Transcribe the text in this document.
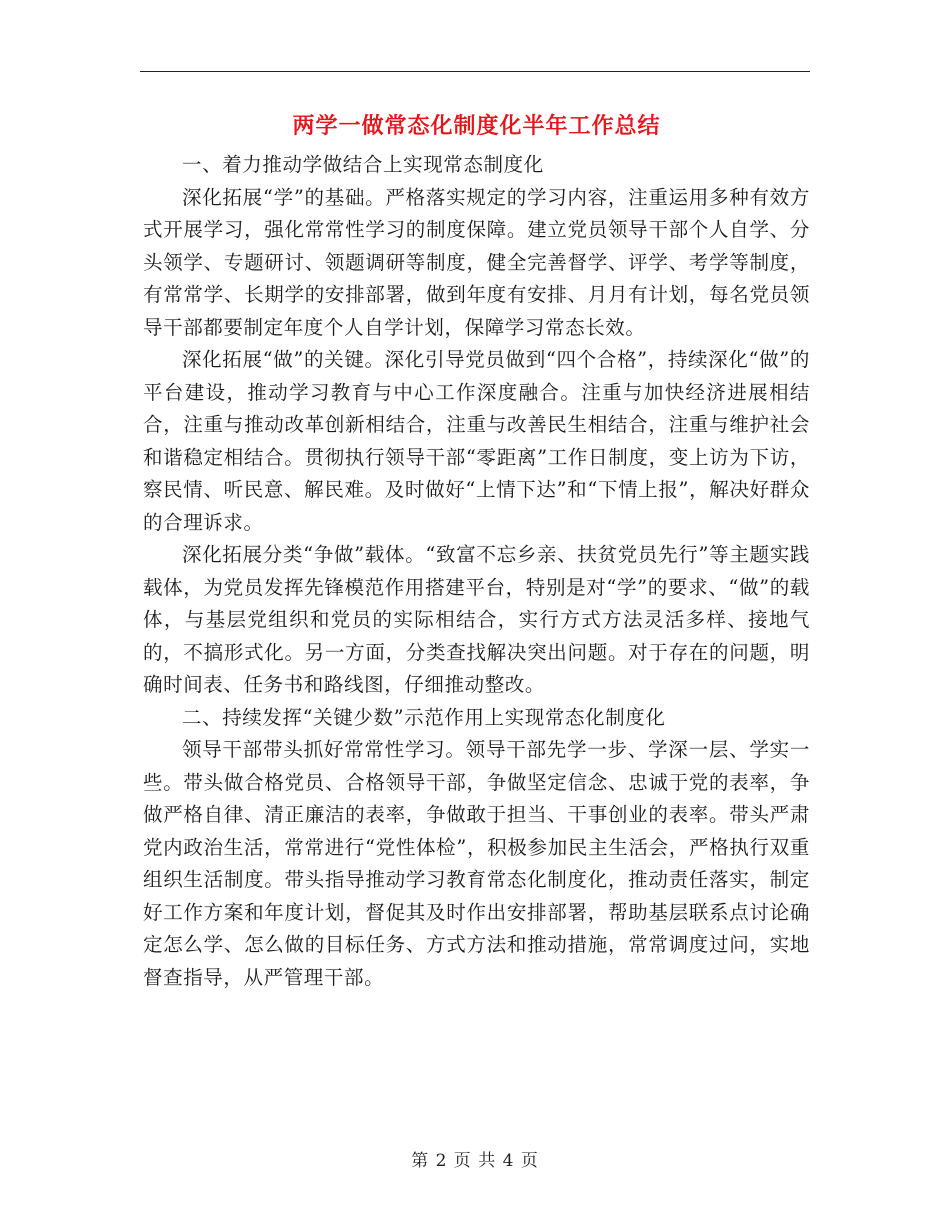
两学一做常态化制度化半年工作总结

一、着力推动学做结合上实现常态制度化

深化拓展“学”的基础。严格落实规定的学习内容，注重运用多种有效方式开展学习，强化常常性学习的制度保障。建立党员领导干部个人自学、分头领学、专题研讨、领题调研等制度，健全完善督学、评学、考学等制度，有常常学、长期学的安排部署，做到年度有安排、月月有计划，每名党员领导干部都要制定年度个人自学计划，保障学习常态长效。

深化拓展“做”的关键。深化引导党员做到“四个合格”，持续深化“做”的平台建设，推动学习教育与中心工作深度融合。注重与加快经济进展相结合，注重与推动改革创新相结合，注重与改善民生相结合，注重与维护社会和谐稳定相结合。贯彻执行领导干部“零距离”工作日制度，变上访为下访，察民情、听民意、解民难。及时做好“上情下达”和“下情上报”，解决好群众的合理诉求。

深化拓展分类“争做”载体。“致富不忘乡亲、扶贫党员先行”等主题实践载体，为党员发挥先锋模范作用搭建平台，特别是对“学”的要求、“做”的载体，与基层党组织和党员的实际相结合，实行方式方法灵活多样、接地气的，不搞形式化。另一方面，分类查找解决突出问题。对于存在的问题，明确时间表、任务书和路线图，仔细推动整改。

二、持续发挥“关键少数”示范作用上实现常态化制度化

领导干部带头抓好常常性学习。领导干部先学一步、学深一层、学实一些。带头做合格党员、合格领导干部，争做坚定信念、忠诚于党的表率，争做严格自律、清正廉洁的表率，争做敢于担当、干事创业的表率。带头严肃党内政治生活，常常进行“党性体检”，积极参加民主生活会，严格执行双重组织生活制度。带头指导推动学习教育常态化制度化，推动责任落实，制定好工作方案和年度计划，督促其及时作出安排部署，帮助基层联系点讨论确定怎么学、怎么做的目标任务、方式方法和推动措施，常常调度过问，实地督查指导，从严管理干部。

第 2 页 共 4 页
